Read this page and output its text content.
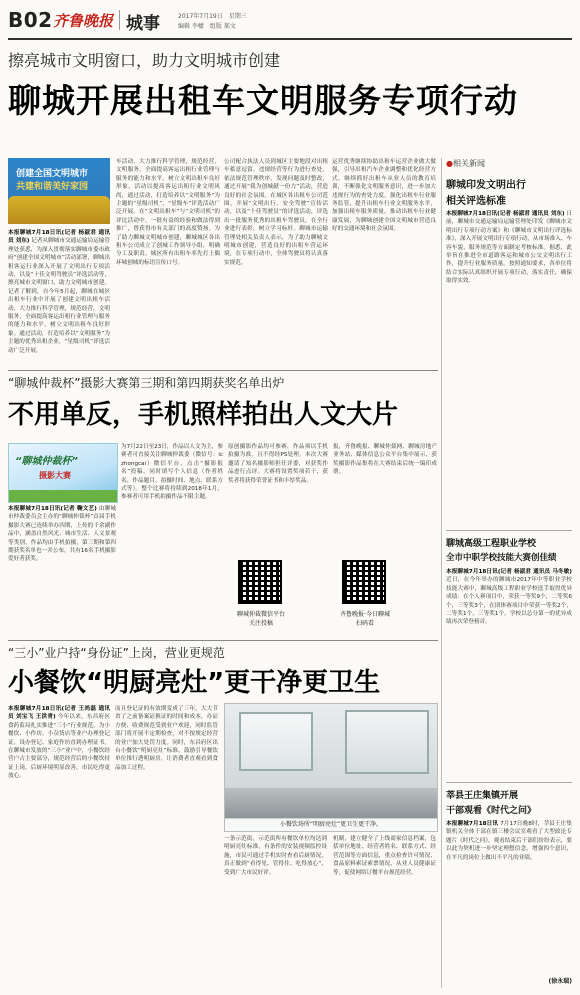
B02 齐鲁晚报 城事	2017年7月19日　星期三
编辑 李檬　组版 郝文
擦亮城市文明窗口，助力文明城市创建
聊城开展出租车文明服务专项行动
创建全国文明城市
共建和谐美好家园
本报聊城7月18日讯(记者 杨淑君 通讯员 刘东) 记者从聊城市交通运输局运输管理处获悉，为深入贯彻落实聊城市委市政府“创建全国文明城市”活动部署，聊城出租客运行业深入开展了文明出行专项活动，以及“十佳文明驾驶员”评选活动等，擦亮城市文明窗口，助力文明城市创建。记者了解到，自今年5月起，聊城在城区出租车行业中开展了创建文明出租车活动，大力推行科学管理，规范经营，文明服务，全面提高客运出租行业管理与服务的能力和水平，树立文明出租车良好形象。通过活动，打造培养以“文明服务”为主题的优秀出租企业，“星级司机”评选活动广泛开展。
车活动，大力推行科学管理，规范经营，文明服务，全面提高客运出租行业管理与服务的能力和水平，树立文明出租车良好形象。活动以提高客运出租行业文明风尚，通过活动，打造培养以“文明服务”为主题的“星级司机”，“星级车”评选活动广泛开展。在“文明出租车”与“文明司机”的评比活动中，一批有益的经验和做法得到推广，曾获得市有关部门的高度赞扬。为了助力聊城文明城市创建，聊城城区各出租车公司成立了创城工作领导小组，明确分工及职责，城区所有出租车率先打上偶环城创城的标语宣传口号。
公司配合执法人员到城区主要地段对出租车蓄意逗留、违规经营等行为进行查处，依法规范管理秩序，发现问题及时整改，通过开展“我为创城献一份力”活动，营造良好的社会氛围。在城区各出租车公司范围，开展“文明出行、安全驾驶”宣传活动，以及“十佳驾驶员”的评选活动，评选出一批服务优秀的出租车驾驶员，在全行业进行表彰，树立学习标杆。聊城市运输管理处相关负责人表示，为了助力聊城文明城市创建，营造良好的出租车营运环境，在专项行动中，全体驾驶员将认真落实规范。
运营优秀继续协助出租车运营企业做大做强，引导出租汽车企业调整和优化经营方式。继续抓好出租车从业人员的教育培训，不断强化文明服务意识，进一步加大违规行为的查处力度，强化出租车行业服务监管，提升出租车行业文明服务水平，加强出租车服务质量，推动出租车行业健康发展，为聊城创建全国文明城市营造良好的交通环境和社会氛围。
●相关新闻
聊城印发文明出行
相关评选标准
本报聊城7月18日讯(记者 杨淑君 通讯员 刘东) 日前，聊城市交通运输局运输管理处印发《聊城市文明出行专项行动方案》和《聊城市文明出行评选标准》，深入开展文明出行专项行动，从市场准入、车容车貌、服务规范等方面制定考核标准。据悉，此举旨在推进全市道路客运和城市公交文明出行工作，提升行业服务质量。按照通知要求，各单位将结合实际认真组织开展专项行动，落实责任，确保取得实效。
聊城高级工程职业学校
全市中职学校技能大赛创佳绩
本报聊城7月18日讯(记者 杨淑君 通讯员 马冬敏) 近日，在今年举办的聊城市2017年中等职业学校技能大赛中，聊城高级工程职业学校选手取得优异成绩：在个人赛项目中，荣获一等奖9个，二等奖6个，三等奖3个，在团体赛项目中荣获一等奖2个，二等奖1个，三等奖1个，学校以总分第一的优异成绩再次荣登榜首。
莘县王庄集镇开展
干部观看《时代之问》
本报聊城7月18日讯 7月17日晚8时，莘县王庄集镇机关全体干部在镇三楼会议室观看了大型政论专题片《时代之问》，观看结束后干部们纷纷表示，要以此为契机进一步坚定理想信念，增强四个意识，在平凡的岗位上做出不平凡的业绩。
(徐永瑞)
“聊城仲裁杯”摄影大赛第三期和第四期获奖名单出炉
不用单反，手机照样拍出人文大片
“聊城仲裁杯”
摄影大赛
本报聊城7月18日讯(记者 鞠文艺) 由聊城市仲裁委员会主办的“聊城仲裁杯”首届手机摄影大赛已连续举办四期，上传的千余副作品中，涵盖自然风光、城市生活、人文景观等类别，作品均由手机拍摄，第三期和第四期获奖名单也一并公布，共有16名手机摄影爱好者获奖。
为7月22日至23日，作品以人文为主，参赛者可直接关注聊城仲裁委（微信号：lczhongcai）微信平台，点击“摄影报名”投稿，同时填写个人信息（作者姓名、作品题目、拍摄时间、地点、联系方式等）。整个比赛将持续到2018年1月，参赛者可用手机拍摄作品不限主题。
原创摄影作品均可参赛，作品须以手机拍摄为准，且不得经PS处理。本次大赛邀请了知名摄影师担任评委，对获奖作品进行点评。大赛将设置奖项若干，获奖者将获得荣誉证书和丰厚奖品。
报，齐鲁晚报、聊城仲裁网、聊城房地产业务站、媒体信息公众平台集中展示，获奖摄影作品集将在大赛结束后统一编印成册。
聊城仲裁微信平台
关注投稿
齐鲁晚报·今日聊城
扫码看
“三小”业户持“身份证”上岗，营业更规范
小餐饮“明厨亮灶”更干净更卫生
本报聊城7月18日讯(记者 王尚磊 通讯员 刘宝飞 王洪青) 今年以来，东昌府区食药监局扎实推进“三小”行业规范，为小餐饮、小作坊、小杂货店等业户办理登记证，设办登记、家庭作坊直到办理证书，在聊城市发放的“三小”业户中，小餐饮经营户占主要部分，规范经营后的小餐饮持证上岗，后厨环境明显改善，市民吃得更放心。
而且登记证的有效期变成了三年，大大节省了之前备案证换证的时间和成本，办证方便、收费规范受到业户欢迎，同时监管部门将开展不定期检查，对不按规定经营的业户加大处罚力度。同时，东昌府区出台小餐饮“明厨亮灶”标准，鼓励引导餐饮单位推行透明厨房，让消费者直观看到食品加工过程。
小餐饮场所“明厨亮灶”更卫生更干净。
一条示范街，示范街所有餐饮单位均达到明厨亮灶标准，有条件的安装视频监控设施，市民可通过手机实时查看后厨情况，真正做到“看得见、管得住、吃得放心”，受到广大市民好评。
机制，建立健全了上线商家信息档案，包括单位地址、经营者姓名、联系方式、经营范围等方面信息，重点检查许可情况、食品原料索证索票情况、从业人员健康证等，促使网络订餐平台规范经营。
